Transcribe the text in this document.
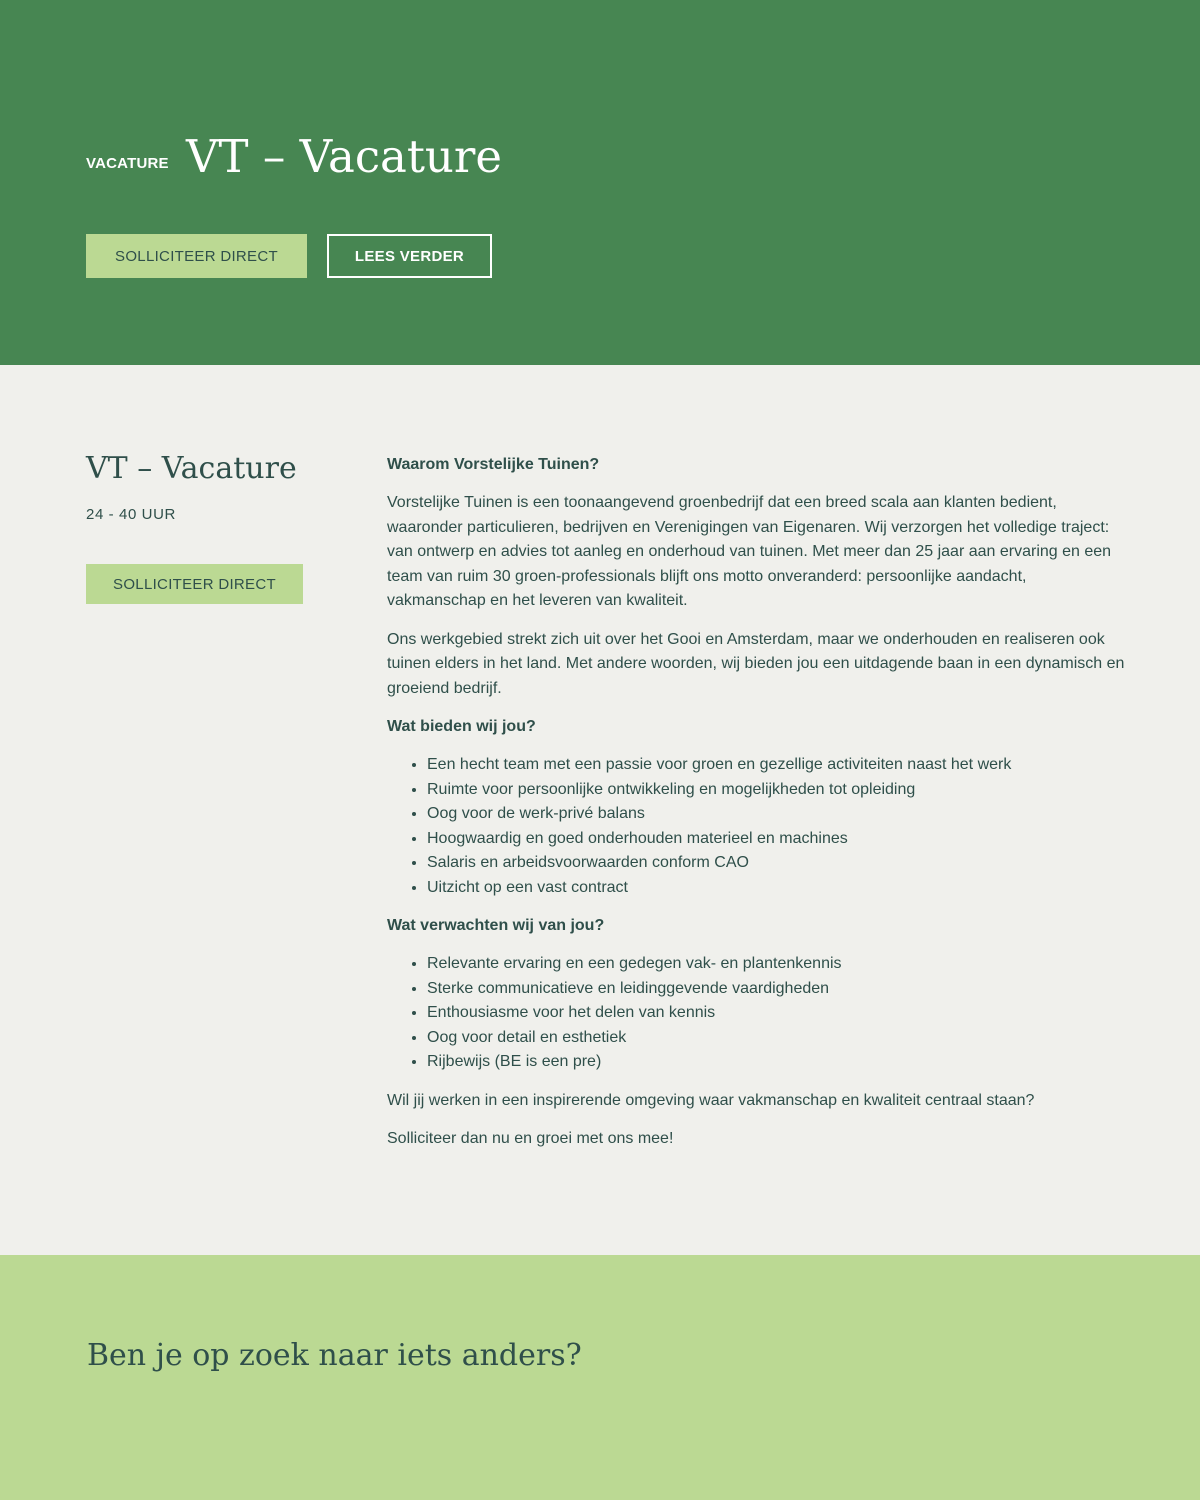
VACATURE VT – Vacature
SOLLICITEER DIRECT	LEES VERDER
VT – Vacature
24 - 40 UUR
SOLLICITEER DIRECT
Waarom Vorstelijke Tuinen?

Vorstelijke Tuinen is een toonaangevend groenbedrijf dat een breed scala aan klanten bedient, waaronder particulieren, bedrijven en Verenigingen van Eigenaren. Wij verzorgen het volledige traject: van ontwerp en advies tot aanleg en onderhoud van tuinen. Met meer dan 25 jaar aan ervaring en een team van ruim 30 groen-professionals blijft ons motto onveranderd: persoonlijke aandacht, vakmanschap en het leveren van kwaliteit.

Ons werkgebied strekt zich uit over het Gooi en Amsterdam, maar we onderhouden en realiseren ook tuinen elders in het land. Met andere woorden, wij bieden jou een uitdagende baan in een dynamisch en groeiend bedrijf.

Wat bieden wij jou?
• Een hecht team met een passie voor groen en gezellige activiteiten naast het werk
• Ruimte voor persoonlijke ontwikkeling en mogelijkheden tot opleiding
• Oog voor de werk-privé balans
• Hoogwaardig en goed onderhouden materieel en machines
• Salaris en arbeidsvoorwaarden conform CAO
• Uitzicht op een vast contract
Wat verwachten wij van jou?
• Relevante ervaring en een gedegen vak- en plantenkennis
• Sterke communicatieve en leidinggevende vaardigheden
• Enthousiasme voor het delen van kennis
• Oog voor detail en esthetiek
• Rijbewijs (BE is een pre)

Wil jij werken in een inspirerende omgeving waar vakmanschap en kwaliteit centraal staan?

Solliciteer dan nu en groei met ons mee!

Ben je op zoek naar iets anders?
